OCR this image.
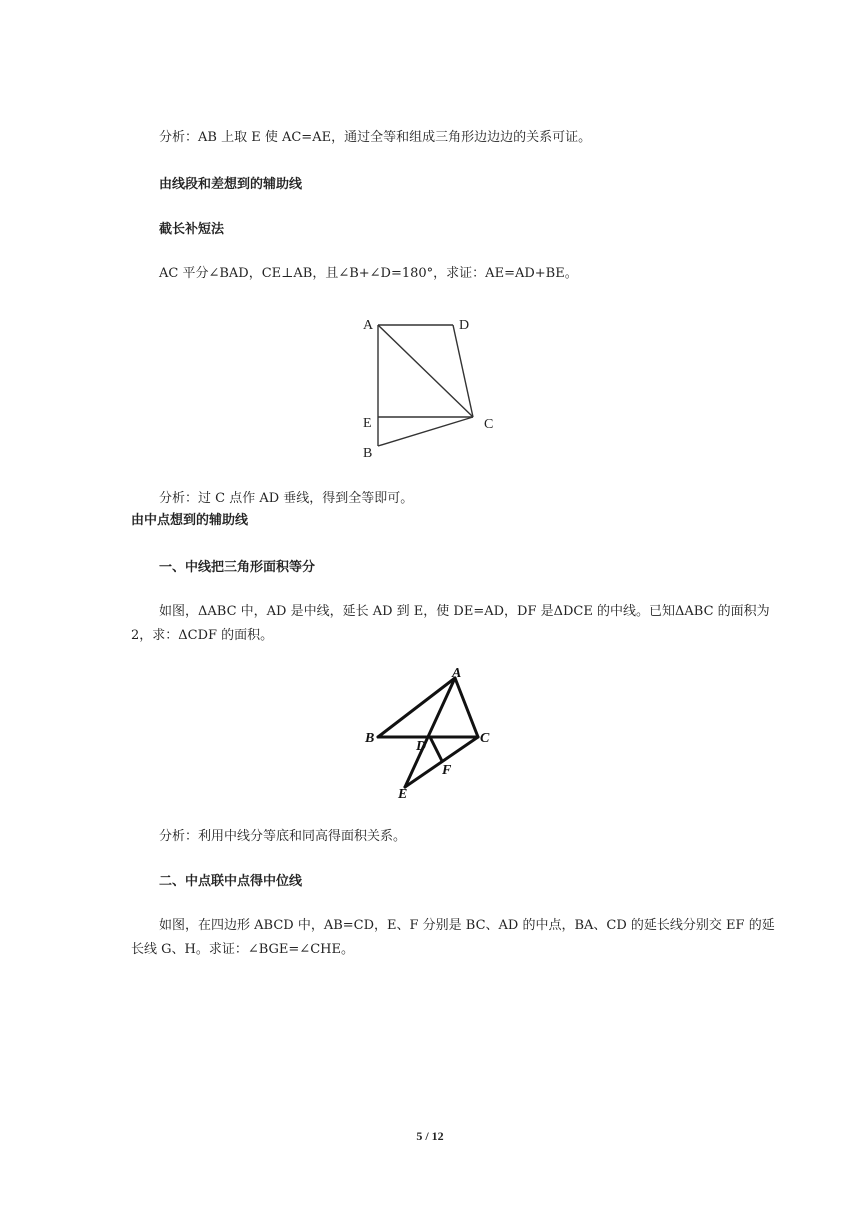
分析：AB 上取 E 使 AC=AE，通过全等和组成三角形边边边的关系可证。
由线段和差想到的辅助线
截长补短法
AC 平分∠BAD，CE⊥AB，且∠B+∠D=180°，求证：AE=AD+BE。
A	D
E	C
B
分析：过 C 点作 AD 垂线，得到全等即可。
由中点想到的辅助线
一、中线把三角形面积等分
如图，ΔABC 中，AD 是中线，延长 AD 到 E，使 DE=AD，DF 是ΔDCE 的中线。已知ΔABC 的面积为
2，求：ΔCDF 的面积。
A
B	C
D
F
E
分析：利用中线分等底和同高得面积关系。
二、中点联中点得中位线
如图，在四边形 ABCD 中，AB=CD，E、F 分别是 BC、AD 的中点，BA、CD 的延长线分别交 EF 的延
长线 G、H。求证：∠BGE=∠CHE。
5 / 12
